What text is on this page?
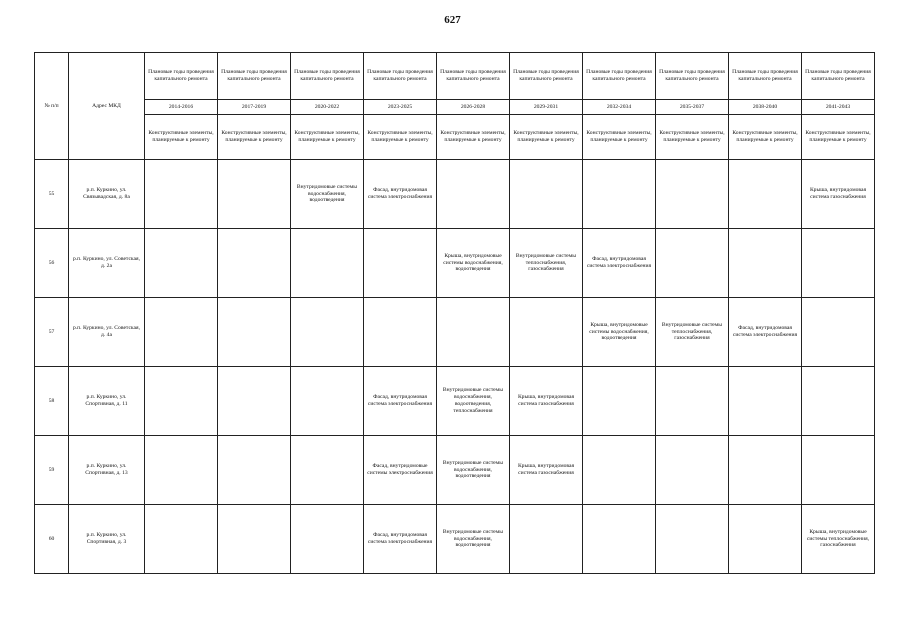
627
№ п/п	Адрес МКД	Плановые годы проведения капитального ремонта	Плановые годы проведения капитального ремонта	Плановые годы проведения капитального ремонта	Плановые годы проведения капитального ремонта	Плановые годы проведения капитального ремонта	Плановые годы проведения капитального ремонта	Плановые годы проведения капитального ремонта	Плановые годы проведения капитального ремонта	Плановые годы проведения капитального ремонта	Плановые годы проведения капитального ремонта
		2014-2016	2017-2019	2020-2022	2023-2025	2026-2028	2029-2031	2032-2034	2035-2037	2038-2040	2041-2043
		Конструктивные элементы, планируемые к ремонту	Конструктивные элементы, планируемые к ремонту	Конструктивные элементы, планируемые к ремонту	Конструктивные элементы, планируемые к ремонту	Конструктивные элементы, планируемые к ремонту	Конструктивные элементы, планируемые к ремонту	Конструктивные элементы, планируемые к ремонту	Конструктивные элементы, планируемые к ремонту	Конструктивные элементы, планируемые к ремонту	Конструктивные элементы, планируемые к ремонту
55	р.п. Куркино, ул. Связывадская, д. 8а			Внутридомовые системы водоснабжения, водоотведения	Фасад, внутридомовая система электроснабжения						Крыша, внутридомовая система газоснабжения
56	р.п. Куркино, ул. Советская, д. 2а					Крыша, внутридомовые системы водоснабжения, водоотведения	Внутридомовые системы теплоснабжения, газоснабжения	Фасад, внутридомовая система электроснабжения			
57	р.п. Куркино, ул. Советская, д. 4а							Крыша, внутридомовые системы водоснабжения, водоотведения	Внутридомовые системы теплоснабжения, газоснабжения	Фасад, внутридомовая система электроснабжения	
58	р.п. Куркино, ул. Спортивная, д. 11				Фасад, внутридомовая система электроснабжения	Внутридомовые системы водоснабжения, водоотведения, теплоснабжения	Крыша, внутридомовая система газоснабжения				
59	р.п. Куркино, ул. Спортивная, д. 13				Фасад, внутридомовые системы электроснабжения	Внутридомовые системы водоснабжения, водоотведения	Крыша, внутридомовая система газоснабжения				
60	р.п. Куркино, ул. Спортивная, д. 3				Фасад, внутридомовая система электроснабжения	Внутридомовые системы водоснабжения, водоотведения					Крыша, внутридомовые системы теплоснабжения, газоснабжения
